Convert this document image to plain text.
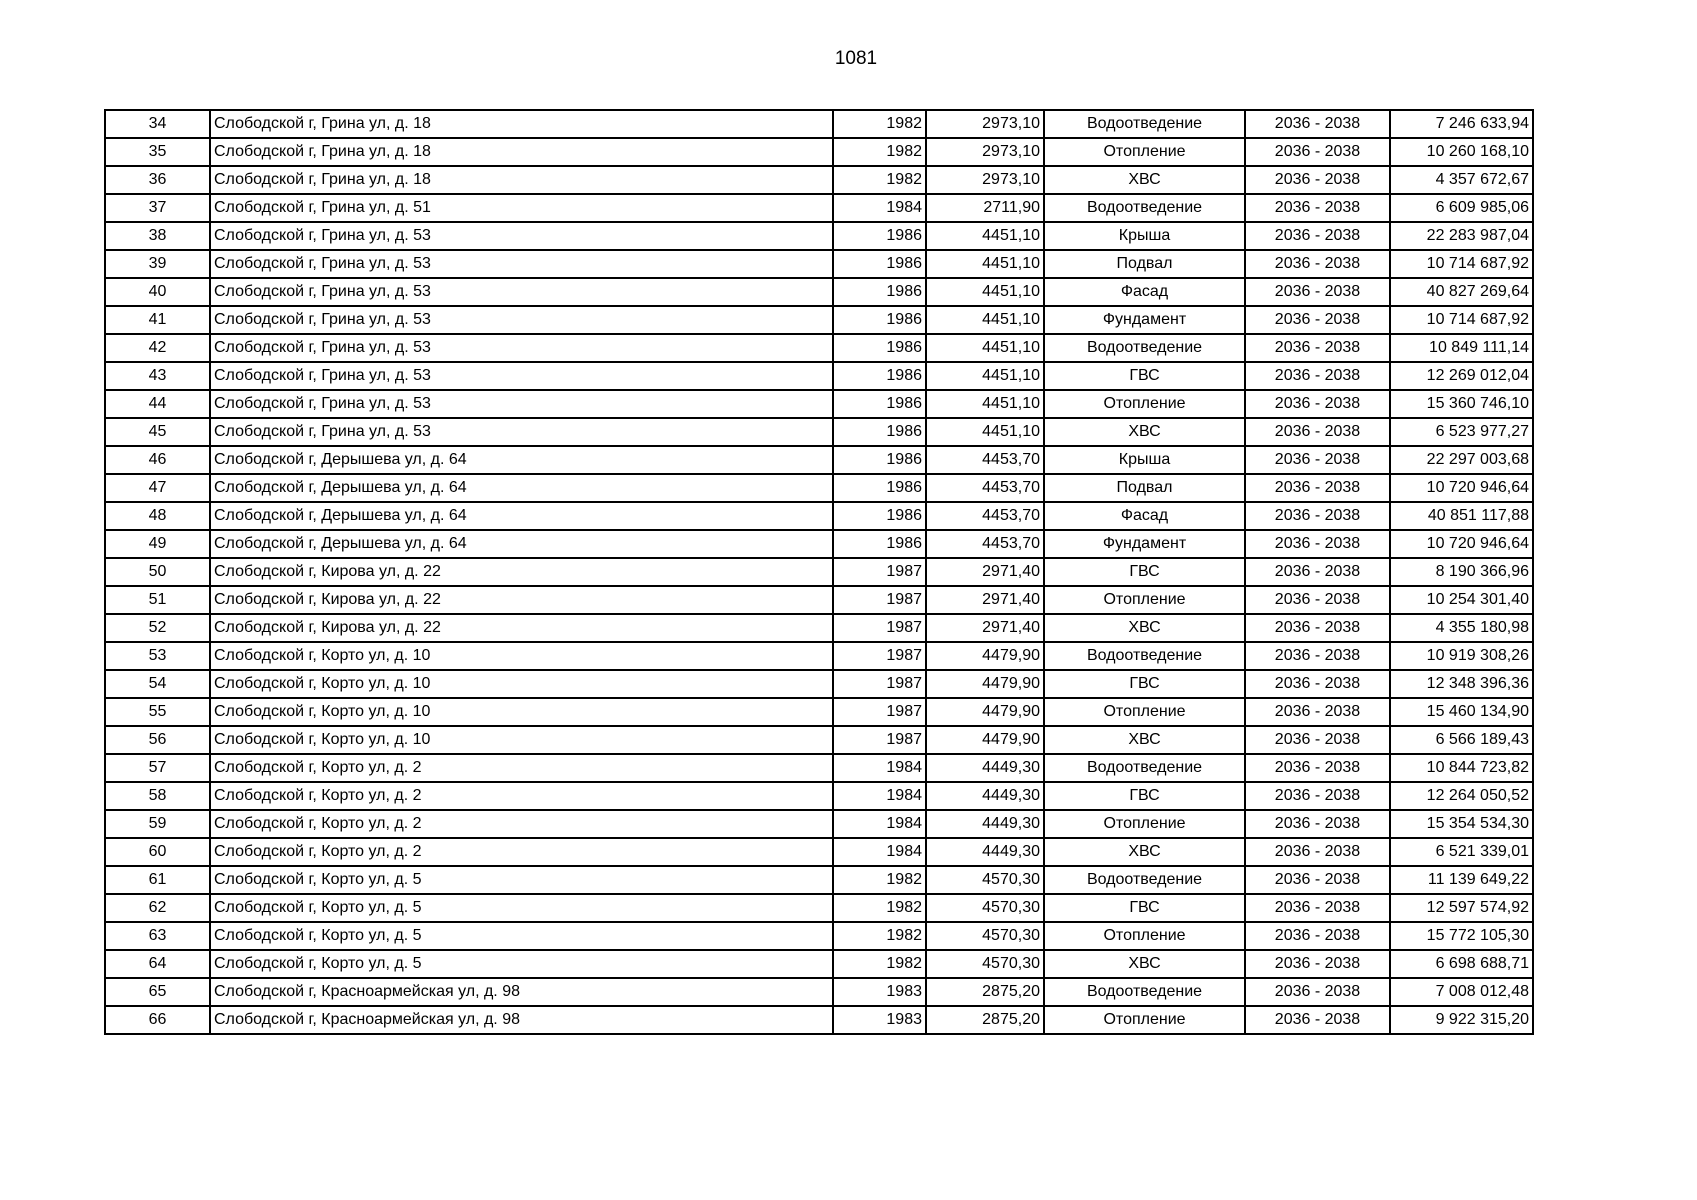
1081
34	Слободской г, Грина ул, д. 18	1982	2973,10	Водоотведение	2036 - 2038	7 246 633,94
35	Слободской г, Грина ул, д. 18	1982	2973,10	Отопление	2036 - 2038	10 260 168,10
36	Слободской г, Грина ул, д. 18	1982	2973,10	ХВС	2036 - 2038	4 357 672,67
37	Слободской г, Грина ул, д. 51	1984	2711,90	Водоотведение	2036 - 2038	6 609 985,06
38	Слободской г, Грина ул, д. 53	1986	4451,10	Крыша	2036 - 2038	22 283 987,04
39	Слободской г, Грина ул, д. 53	1986	4451,10	Подвал	2036 - 2038	10 714 687,92
40	Слободской г, Грина ул, д. 53	1986	4451,10	Фасад	2036 - 2038	40 827 269,64
41	Слободской г, Грина ул, д. 53	1986	4451,10	Фундамент	2036 - 2038	10 714 687,92
42	Слободской г, Грина ул, д. 53	1986	4451,10	Водоотведение	2036 - 2038	10 849 111,14
43	Слободской г, Грина ул, д. 53	1986	4451,10	ГВС	2036 - 2038	12 269 012,04
44	Слободской г, Грина ул, д. 53	1986	4451,10	Отопление	2036 - 2038	15 360 746,10
45	Слободской г, Грина ул, д. 53	1986	4451,10	ХВС	2036 - 2038	6 523 977,27
46	Слободской г, Дерышева ул, д. 64	1986	4453,70	Крыша	2036 - 2038	22 297 003,68
47	Слободской г, Дерышева ул, д. 64	1986	4453,70	Подвал	2036 - 2038	10 720 946,64
48	Слободской г, Дерышева ул, д. 64	1986	4453,70	Фасад	2036 - 2038	40 851 117,88
49	Слободской г, Дерышева ул, д. 64	1986	4453,70	Фундамент	2036 - 2038	10 720 946,64
50	Слободской г, Кирова ул, д. 22	1987	2971,40	ГВС	2036 - 2038	8 190 366,96
51	Слободской г, Кирова ул, д. 22	1987	2971,40	Отопление	2036 - 2038	10 254 301,40
52	Слободской г, Кирова ул, д. 22	1987	2971,40	ХВС	2036 - 2038	4 355 180,98
53	Слободской г, Корто ул, д. 10	1987	4479,90	Водоотведение	2036 - 2038	10 919 308,26
54	Слободской г, Корто ул, д. 10	1987	4479,90	ГВС	2036 - 2038	12 348 396,36
55	Слободской г, Корто ул, д. 10	1987	4479,90	Отопление	2036 - 2038	15 460 134,90
56	Слободской г, Корто ул, д. 10	1987	4479,90	ХВС	2036 - 2038	6 566 189,43
57	Слободской г, Корто ул, д. 2	1984	4449,30	Водоотведение	2036 - 2038	10 844 723,82
58	Слободской г, Корто ул, д. 2	1984	4449,30	ГВС	2036 - 2038	12 264 050,52
59	Слободской г, Корто ул, д. 2	1984	4449,30	Отопление	2036 - 2038	15 354 534,30
60	Слободской г, Корто ул, д. 2	1984	4449,30	ХВС	2036 - 2038	6 521 339,01
61	Слободской г, Корто ул, д. 5	1982	4570,30	Водоотведение	2036 - 2038	11 139 649,22
62	Слободской г, Корто ул, д. 5	1982	4570,30	ГВС	2036 - 2038	12 597 574,92
63	Слободской г, Корто ул, д. 5	1982	4570,30	Отопление	2036 - 2038	15 772 105,30
64	Слободской г, Корто ул, д. 5	1982	4570,30	ХВС	2036 - 2038	6 698 688,71
65	Слободской г, Красноармейская ул, д. 98	1983	2875,20	Водоотведение	2036 - 2038	7 008 012,48
66	Слободской г, Красноармейская ул, д. 98	1983	2875,20	Отопление	2036 - 2038	9 922 315,20
